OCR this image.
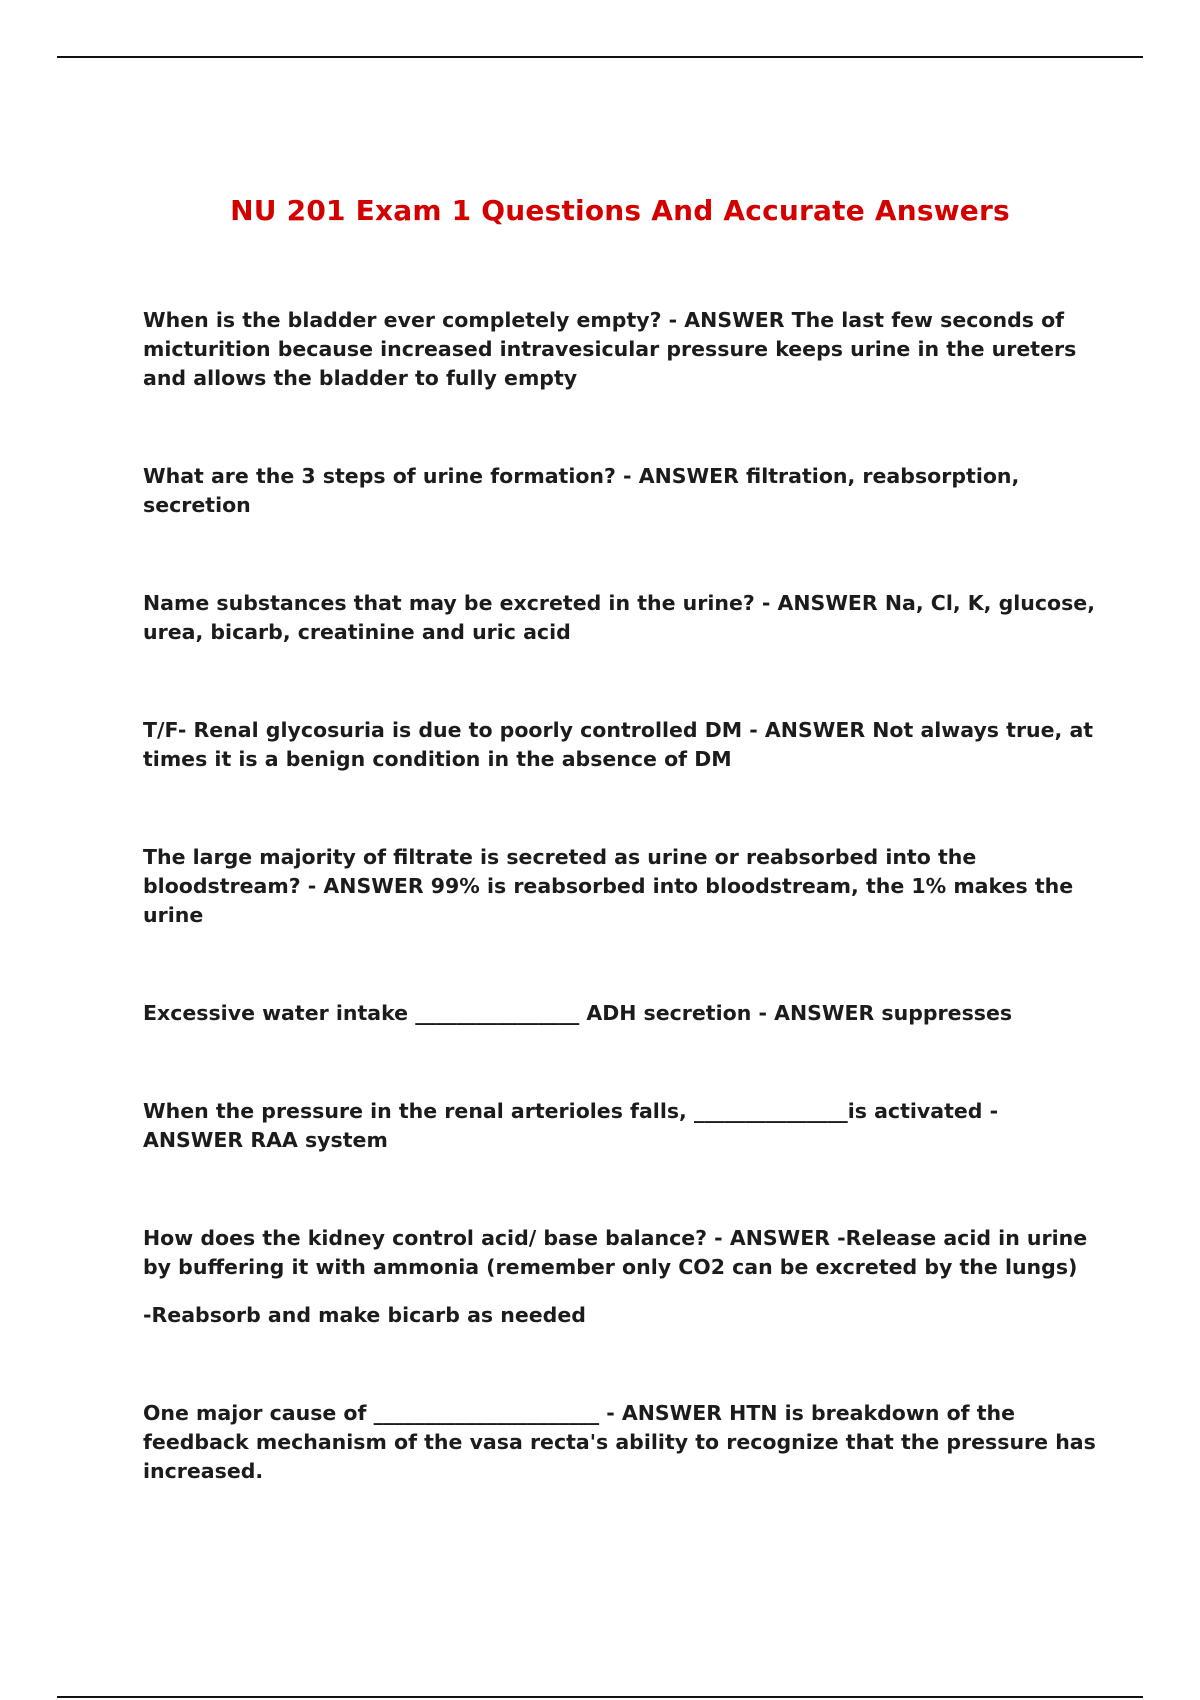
NU 201 Exam 1 Questions And Accurate Answers

When is the bladder ever completely empty? - ANSWER The last few seconds of micturition because increased intravesicular pressure keeps urine in the ureters and allows the bladder to fully empty

What are the 3 steps of urine formation? - ANSWER filtration, reabsorption, secretion

Name substances that may be excreted in the urine? - ANSWER Na, Cl, K, glucose, urea, bicarb, creatinine and uric acid

T/F- Renal glycosuria is due to poorly controlled DM - ANSWER Not always true, at times it is a benign condition in the absence of DM

The large majority of filtrate is secreted as urine or reabsorbed into the bloodstream? - ANSWER 99% is reabsorbed into bloodstream, the 1% makes the urine

Excessive water intake ________________ ADH secretion - ANSWER suppresses

When the pressure in the renal arterioles falls, _______________is activated - ANSWER RAA system

How does the kidney control acid/ base balance? - ANSWER -Release acid in urine by buffering it with ammonia (remember only CO2 can be excreted by the lungs)

-Reabsorb and make bicarb as needed

One major cause of ______________________ - ANSWER HTN is breakdown of the feedback mechanism of the vasa recta's ability to recognize that the pressure has increased.
